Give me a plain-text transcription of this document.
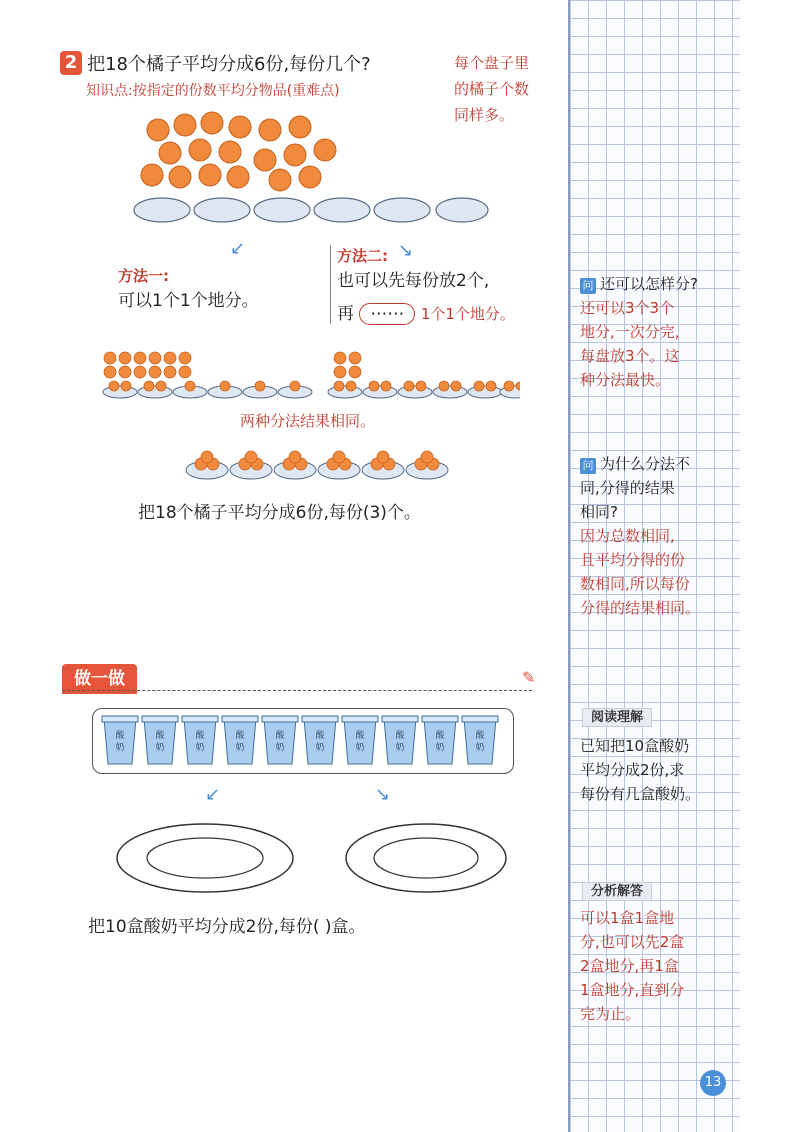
2 把18个橘子平均分成6份,每份几个?
知识点:按指定的份数平均分物品(重难点)
每个盘子里
的橘子个数
同样多。
↙	↘
方法一:
可以1个1个地分。
方法二:
也可以先每份放2个,
再 ⋯⋯ 1个1个地分。
两种分法结果相同。
把18个橘子平均分成6份,每份(3)个。
问 还可以怎样分?
还可以3个3个
地分,一次分完,
每盘放3个。这
种分法最快。
问 为什么分法不
同,分得的结果
相同?
因为总数相同,
且平均分得的份
数相同,所以每份
分得的结果相同。
做一做	✎
酸
奶
酸
奶
酸
奶
酸
奶
酸
奶
酸
奶
酸
奶
酸
奶
酸
奶
酸
奶
↙	↘
把10盒酸奶平均分成2份,每份( )盒。
阅读理解
已知把10盒酸奶
平均分成2份,求
每份有几盒酸奶。
分析解答
可以1盒1盒地
分,也可以先2盒
2盒地分,再1盒
1盒地分,直到分
完为止。
13
